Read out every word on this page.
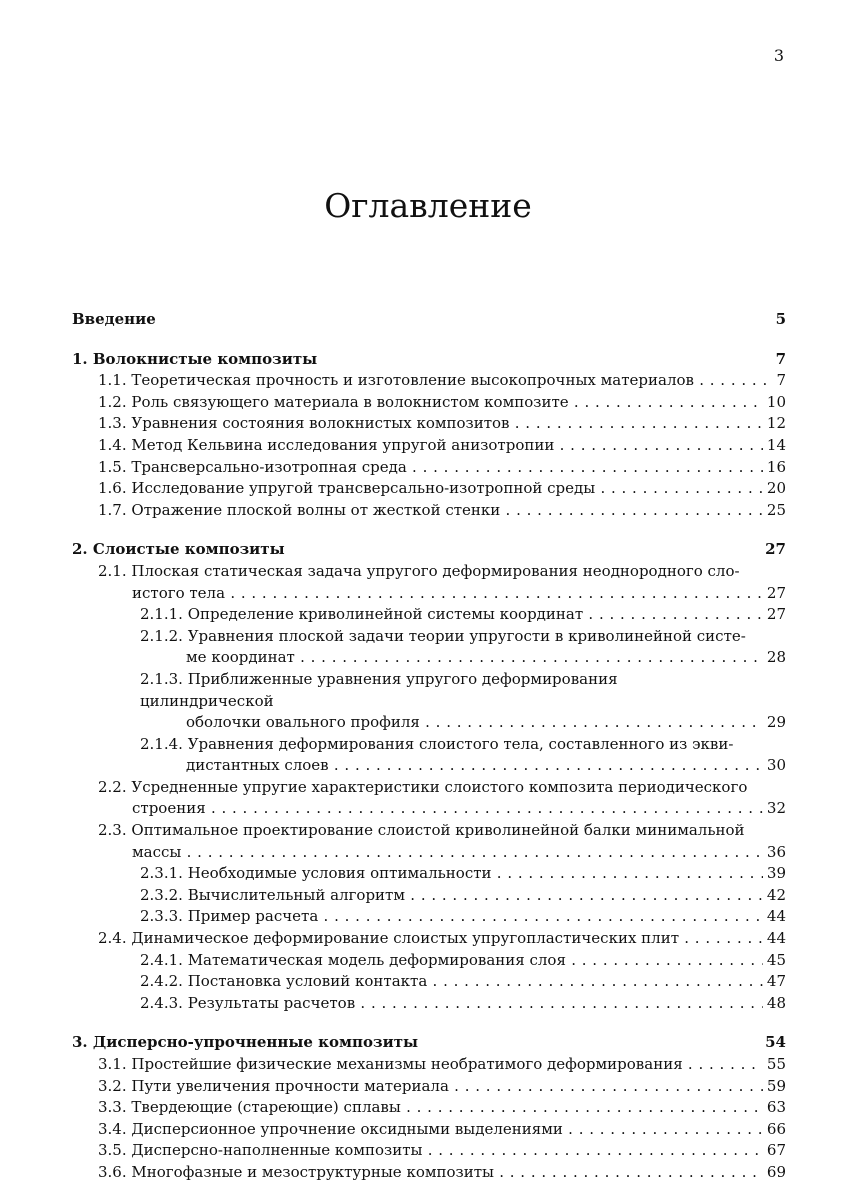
3
Оглавление
Введение	5
1. Волокнистые композиты	7
1.1. Теоретическая прочность и изготовление высокопрочных материалов . . .	7
1.2. Роль связующего материала в волокнистом композите . . .	10
1.3. Уравнения состояния волокнистых композитов . . .	12
1.4. Метод Кельвина исследования упругой анизотропии . . .	14
1.5. Трансверсально-изотропная среда . . .	16
1.6. Исследование упругой трансверсально-изотропной среды . . .	20
1.7. Отражение плоской волны от жесткой стенки . . .	25
2. Слоистые композиты	27
2.1. Плоская статическая задача упругого деформирования неоднородного сло-
истого тела . . .	27
2.1.1. Определение криволинейной системы координат . . .	27
2.1.2. Уравнения плоской задачи теории упругости в криволинейной систе-
ме координат . . .	28
2.1.3. Приближенные уравнения упругого деформирования цилиндрической
оболочки овального профиля . . .	29
2.1.4. Уравнения деформирования слоистого тела, составленного из экви-
дистантных слоев . . .	30
2.2. Усредненные упругие характеристики слоистого композита периодического
строения . . .	32
2.3. Оптимальное проектирование слоистой криволинейной балки минимальной
массы . . .	36
2.3.1. Необходимые условия оптимальности . . .	39
2.3.2. Вычислительный алгоритм . . .	42
2.3.3. Пример расчета . . .	44
2.4. Динамическое деформирование слоистых упругопластических плит . . .	44
2.4.1. Математическая модель деформирования слоя . . .	45
2.4.2. Постановка условий контакта . . .	47
2.4.3. Результаты расчетов . . .	48
3. Дисперсно-упрочненные композиты	54
3.1. Простейшие физические механизмы необратимого деформирования . . .	55
3.2. Пути увеличения прочности материала . . .	59
3.3. Твердеющие (стареющие) сплавы . . .	63
3.4. Дисперсионное упрочнение оксидными выделениями . . .	66
3.5. Дисперсно-наполненные композиты . . .	67
3.6. Многофазные и мезоструктурные композиты . . .	69
